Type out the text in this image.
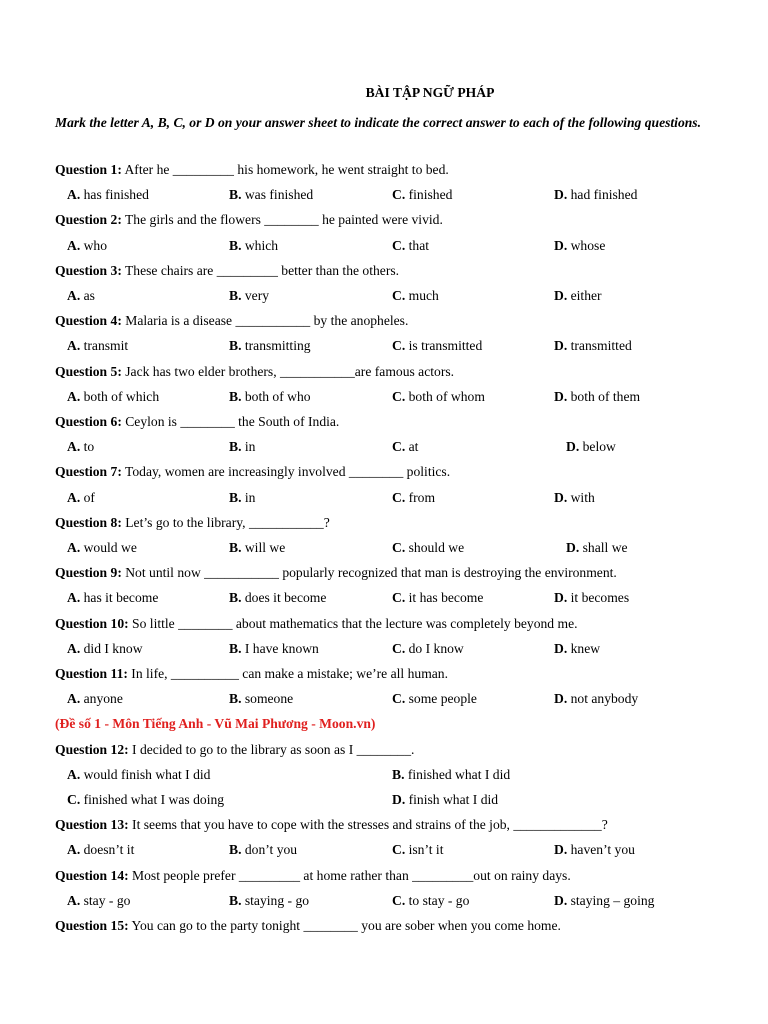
BÀI TẬP NGỮ PHÁP
Mark the letter A, B, C, or D on your answer sheet to indicate the correct answer to each of the following questions.
Question 1: After he _________ his homework, he went straight to bed.
A. has finished	B. was finished	C. finished	D. had finished
Question 2: The girls and the flowers ________ he painted were vivid.
A. who	B. which	C. that	D. whose
Question 3: These chairs are _________ better than the others.
A. as	B. very	C. much	D. either
Question 4: Malaria is a disease ___________ by the anopheles.
A. transmit	B. transmitting	C. is transmitted	D. transmitted
Question 5: Jack has two elder brothers, ___________are famous actors.
A. both of which	B. both of who	C. both of whom	D. both of them
Question 6: Ceylon is ________ the South of India.
A. to	B. in	C. at	D. below
Question 7: Today, women are increasingly involved ________ politics.
A. of	B. in	C. from	D. with
Question 8: Let’s go to the library, ___________?
A. would we	B. will we	C. should we	D. shall we
Question 9: Not until now ___________ popularly recognized that man is destroying the environment.
A. has it become	B. does it become	C. it has become	D. it becomes
Question 10: So little ________ about mathematics that the lecture was completely beyond me.
A. did I know	B. I have known	C. do I know	D. knew
Question 11: In life, __________ can make a mistake; we’re all human.
A. anyone	B. someone	C. some people	D. not anybody
(Đề số 1 - Môn Tiếng Anh - Vũ Mai Phương - Moon.vn)
Question 12: I decided to go to the library as soon as I ________.
A. would finish what I did	B. finished what I did
C. finished what I was doing	D. finish what I did
Question 13: It seems that you have to cope with the stresses and strains of the job, _____________?
A. doesn’t it	B. don’t you	C. isn’t it	D. haven’t you
Question 14: Most people prefer _________ at home rather than _________out on rainy days.
A. stay - go	B. staying - go	C. to stay - go	D. staying – going
Question 15: You can go to the party tonight ________ you are sober when you come home.
